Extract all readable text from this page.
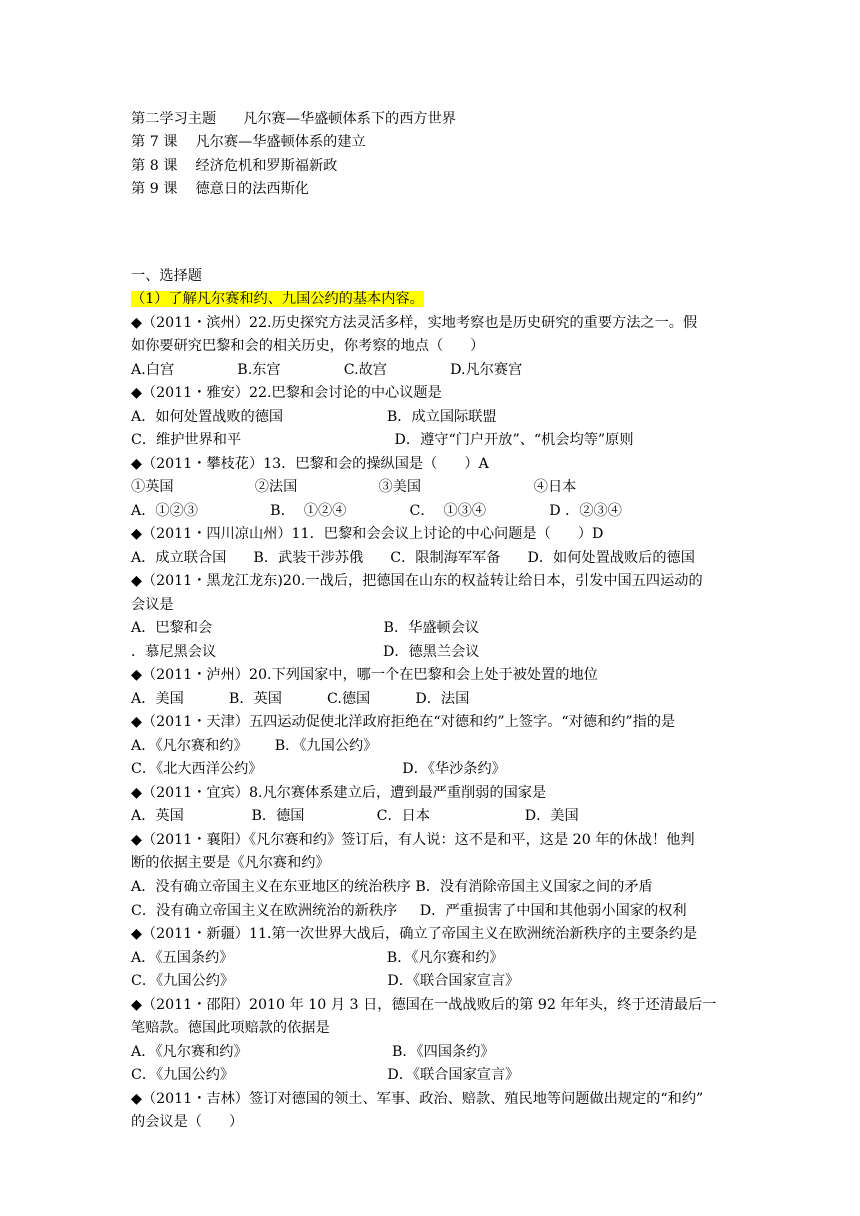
第二学习主题      凡尔赛—华盛顿体系下的西方世界
第 7 课    凡尔赛—华盛顿体系的建立
第 8 课    经济危机和罗斯福新政
第 9 课    德意日的法西斯化
一、选择题
（1）了解凡尔赛和约、九国公约的基本内容。
◆（2011・滨州）22.历史探究方法灵活多样，实地考察也是历史研究的重要方法之一。假
如你要研究巴黎和会的相关历史，你考察的地点（      ）
A.白宫              B.东宫              C.故宫              D.凡尔赛宫
◆（2011・雅安）22.巴黎和会讨论的中心议题是
A．如何处置战败的德国                       B．成立国际联盟
C．维护世界和平                                  D．遵守“门户开放”、“机会均等”原则
◆（2011・攀枝花）13．巴黎和会的操纵国是（      ）A
①英国                  ②法国                  ③美国                         ④日本
A．①②③                B．  ①②④              C．  ①③④              D ．②③④
◆（2011・四川凉山州）11．巴黎和会会议上讨论的中心问题是（      ）D
A．成立联合国      B．武装干涉苏俄      C．限制海军军备      D．如何处置战败后的德国
◆（2011・黑龙江龙东)20.一战后，把德国在山东的权益转让给日本，引发中国五四运动的
会议是
A．巴黎和会                                      B．华盛顿会议
．慕尼黑会议                                     D．德黑兰会议
◆（2011・泸州）20.下列国家中，哪一个在巴黎和会上处于被处置的地位
A．美国          B．英国          C.德国          D．法国
◆（2011・天津）五四运动促使北洋政府拒绝在“对德和约”上签字。“对德和约”指的是
A．《凡尔赛和约》      B．《九国公约》
C．《北大西洋公约》                               D．《华沙条约》
◆（2011・宜宾）8.凡尔赛体系建立后，遭到最严重削弱的国家是
A．英国               B．德国                C．日本                     D．美国
◆（2011・襄阳）《凡尔赛和约》签订后，有人说：这不是和平，这是 20 年的休战！他判
断的依据主要是《凡尔赛和约》
A．没有确立帝国主义在东亚地区的统治秩序 B．没有消除帝国主义国家之间的矛盾
C．没有确立帝国主义在欧洲统治的新秩序     D．严重损害了中国和其他弱小国家的权利
◆（2011・新疆）11.第一次世界大战后，确立了帝国主义在欧洲统治新秩序的主要条约是
A．《五国条约》                                  B．《凡尔赛和约》
C．《九国公约》                                  D．《联合国家宣言》
◆（2011・邵阳）2010 年 10 月 3 日，德国在一战战败后的第 92 年年头，终于还清最后一
笔赔款。德国此项赔款的依据是
A．《凡尔赛和约》                                B．《四国条约》
C．《九国公约》                                  D．《联合国家宣言》
◆（2011・吉林）签订对德国的领土、军事、政治、赔款、殖民地等问题做出规定的“和约”
的会议是（      ）
